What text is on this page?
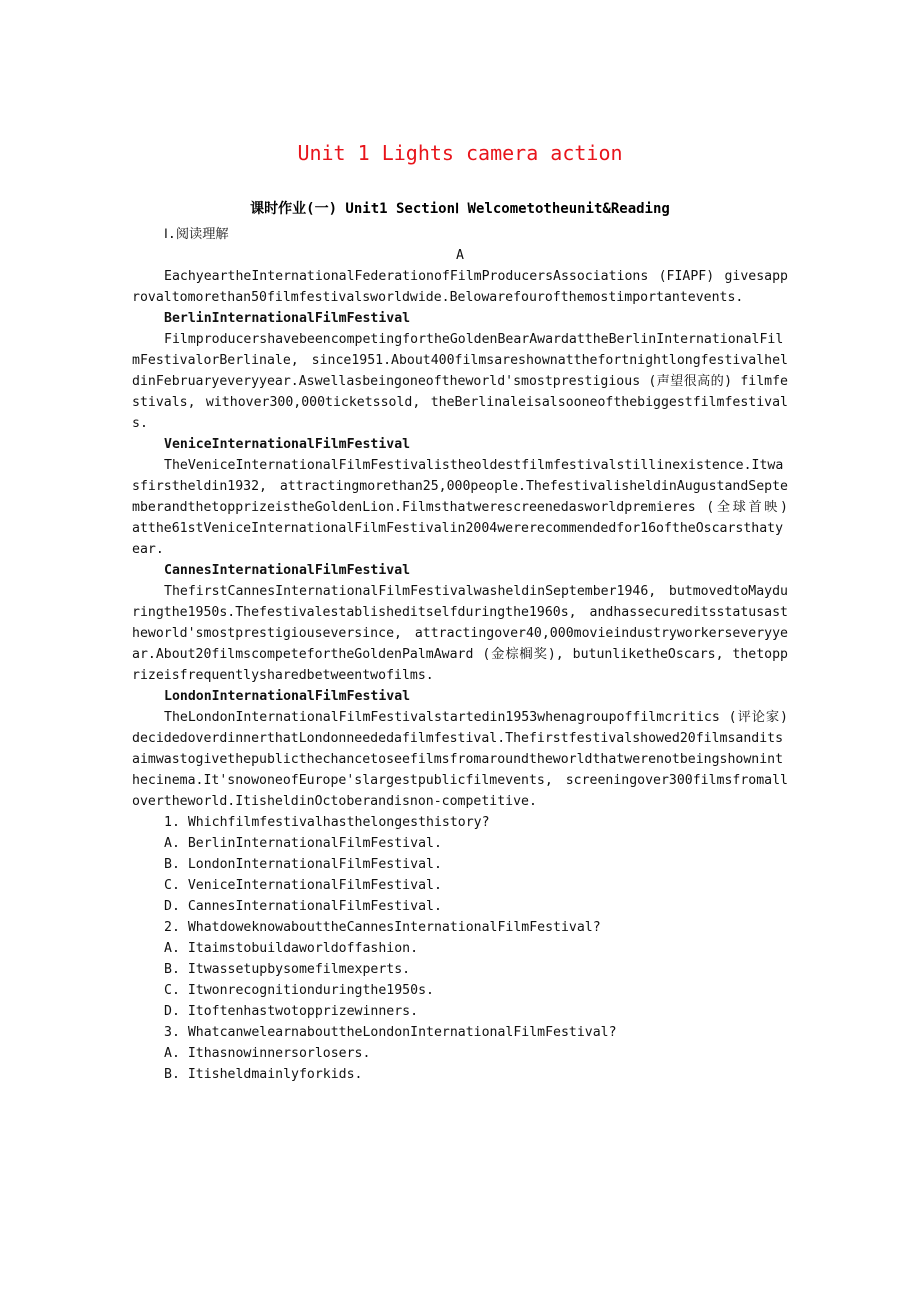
Unit 1 Lights camera action
课时作业(一) Unit1 SectionⅠ Welcometotheunit&Reading

Ⅰ.阅读理解

A

EachyeartheInternationalFederationofFilmProducersAssociations (FIAPF) givesapprovaltomorethan50filmfestivalsworldwide.Belowarefourofthemostimportantevents.

BerlinInternationalFilmFestival

FilmproducershavebeencompetingfortheGoldenBearAwardattheBerlinInternationalFilmFestivalorBerlinale, since1951.About400filmsareshownatthefortnightlongfestivalheldinFebruaryeveryyear.Aswellasbeingoneoftheworld'smostprestigious (声望很高的) filmfestivals, withover300,000ticketssold, theBerlinaleisalsooneofthebiggestfilmfestivals.

VeniceInternationalFilmFestival

TheVeniceInternationalFilmFestivalistheoldestfilmfestivalstillinexistence.Itwasfirstheldin1932, attractingmorethan25,000people.ThefestivalisheldinAugustandSeptemberandthetopprizeistheGoldenLion.Filmsthatwerescreenedasworldpremieres (全球首映) atthe61stVeniceInternationalFilmFestivalin2004wererecommendedfor16oftheOscarsthatyear.

CannesInternationalFilmFestival

ThefirstCannesInternationalFilmFestivalwasheldinSeptember1946, butmovedtoMayduringthe1950s.Thefestivalestablisheditselfduringthe1960s, andhassecureditsstatusastheworld'smostprestigiouseversince, attractingover40,000movieindustryworkerseveryyear.About20filmscompetefortheGoldenPalmAward (金棕榈奖), butunliketheOscars, thetopprizeisfrequentlysharedbetweentwofilms.

LondonInternationalFilmFestival

TheLondonInternationalFilmFestivalstartedin1953whenagroupoffilmcritics (评论家) decidedoverdinnerthatLondonneededafilmfestival.Thefirstfestivalshowed20filmsanditsaimwastogivethepublicthechancetoseefilmsfromaroundtheworldthatwerenotbeingshowninthecinema.It'snowoneofEurope'slargestpublicfilmevents, screeningover300filmsfromallovertheworld.ItisheldinOctoberandisnon-competitive.

1. Whichfilmfestivalhasthelongesthistory?

A. BerlinInternationalFilmFestival.

B. LondonInternationalFilmFestival.

C. VeniceInternationalFilmFestival.

D. CannesInternationalFilmFestival.

2. WhatdoweknowabouttheCannesInternationalFilmFestival?

A. Itaimstobuildaworldoffashion.

B. Itwassetupbysomefilmexperts.

C. Itwonrecognitionduringthe1950s.

D. Itoftenhastwotopprizewinners.

3. WhatcanwelearnabouttheLondonInternationalFilmFestival?

A. Ithasnowinnersorlosers.

B. Itisheldmainlyforkids.
